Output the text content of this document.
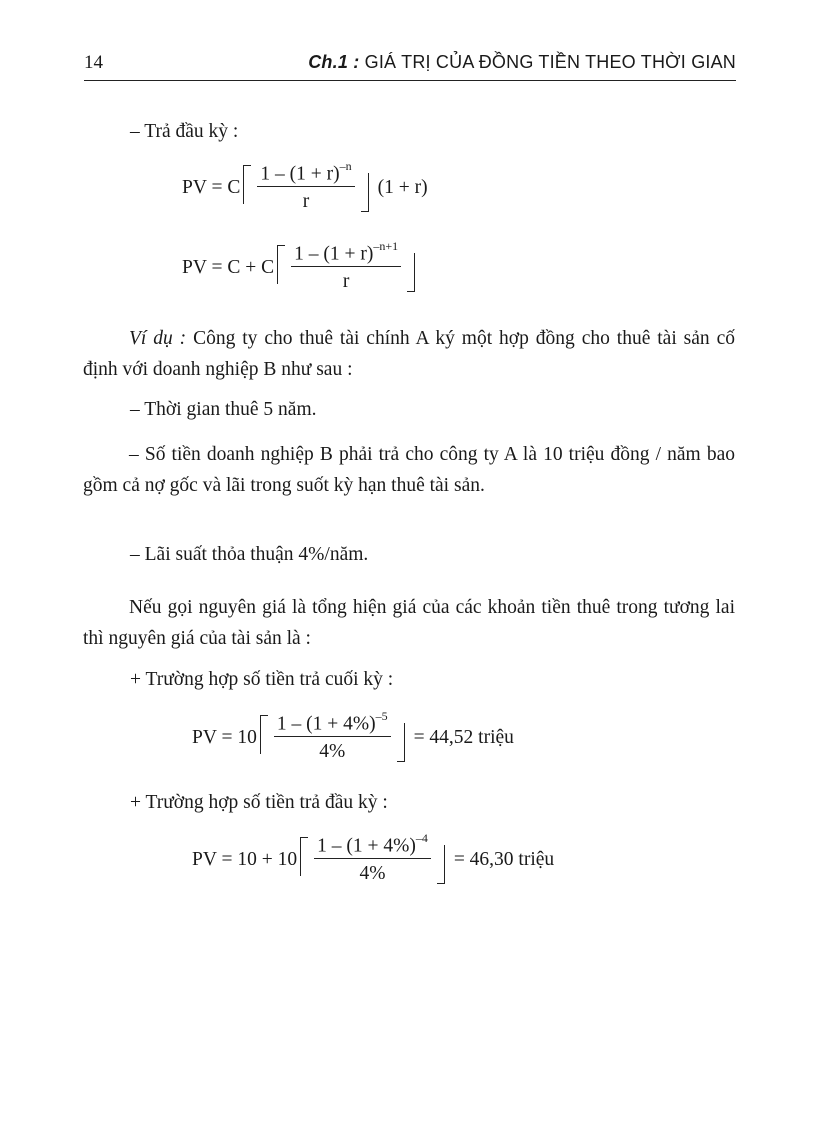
14	Ch.1 : GIÁ TRỊ CỦA ĐỒNG TIỀN THEO THỜI GIAN
– Trả đầu kỳ :
PV = C $\frac{1 - (1 + r)^{-n}}{r} (1 + r)$
PV = C + C $\frac{1 - (1 + r)^{-n+1}}{r}$
Ví dụ : Công ty cho thuê tài chính A ký một hợp đồng cho thuê tài sản cố định với doanh nghiệp B như sau :
– Thời gian thuê 5 năm.
– Số tiền doanh nghiệp B phải trả cho công ty A là 10 triệu đồng / năm bao gồm cả nợ gốc và lãi trong suốt kỳ hạn thuê tài sản.
– Lãi suất thỏa thuận 4%/năm.
Nếu gọi nguyên giá là tổng hiện giá của các khoản tiền thuê trong tương lai thì nguyên giá của tài sản là :
+ Trường hợp số tiền trả cuối kỳ :
PV = $10 \frac{1 - (1 + 4\%)^{-5}}{4\%} = 44,52$ triệu
+ Trường hợp số tiền trả đầu kỳ :
PV = $10 + 10 \frac{1 - (1 + 4\%)^{-4}}{4\%} = 46,30$ triệu
